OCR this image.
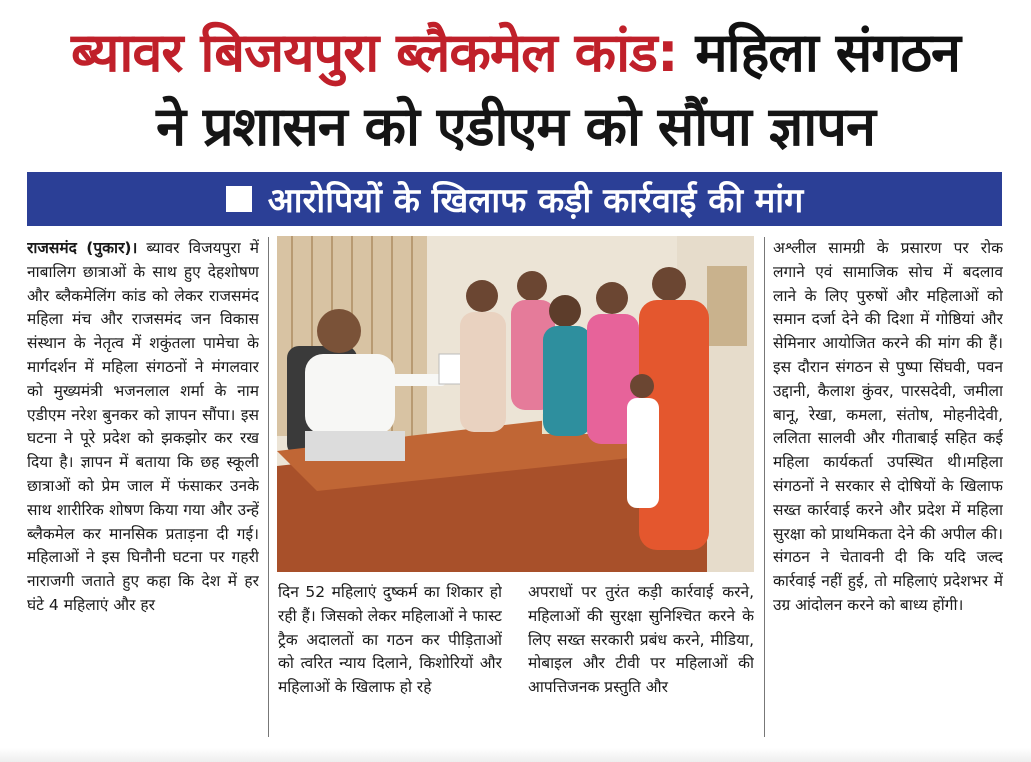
ब्यावर बिजयपुरा ब्लैकमेल कांड: महिला संगठन
ने प्रशासन को एडीएम को सौंपा ज्ञापन
आरोपियों के खिलाफ कड़ी कार्रवाई की मांग
राजसमंद (पुकार)। ब्यावर विजयपुरा में नाबालिग छात्राओं के साथ हुए देहशोषण और ब्लैकमेलिंग कांड को लेकर राजसमंद महिला मंच और राजसमंद जन विकास संस्थान के नेतृत्व में शकुंतला पामेचा के मार्गदर्शन में महिला संगठनों ने मंगलवार को मुख्यमंत्री भजनलाल शर्मा के नाम एडीएम नरेश बुनकर को ज्ञापन सौंपा। इस घटना ने पूरे प्रदेश को झकझोर कर रख दिया है। ज्ञापन में बताया कि छह स्कूली छात्राओं को प्रेम जाल में फंसाकर उनके साथ शारीरिक शोषण किया गया और उन्हें ब्लैकमेल कर मानसिक प्रताड़ना दी गई। महिलाओं ने इस घिनौनी घटना पर गहरी नाराजगी जताते हुए कहा कि देश में हर घंटे 4 महिलाएं और हर
दिन 52 महिलाएं दुष्कर्म का शिकार हो रही हैं। जिसको लेकर महिलाओं ने फास्ट ट्रैक अदालतों का गठन कर पीड़िताओं को त्वरित न्याय दिलाने, किशोरियों और महिलाओं के खिलाफ हो रहे
अपराधों पर तुरंत कड़ी कार्रवाई करने, महिलाओं की सुरक्षा सुनिश्चित करने के लिए सख्त सरकारी प्रबंध करने, मीडिया, मोबाइल और टीवी पर महिलाओं की आपत्तिजनक प्रस्तुति और
अश्लील सामग्री के प्रसारण पर रोक लगाने एवं सामाजिक सोच में बदलाव लाने के लिए पुरुषों और महिलाओं को समान दर्जा देने की दिशा में गोष्ठियां और सेमिनार आयोजित करने की मांग की हैं। इस दौरान संगठन से पुष्पा सिंघवी, पवन उद्दानी, कैलाश कुंवर, पारसदेवी, जमीला बानू, रेखा, कमला, संतोष, मोहनीदेवी, ललिता सालवी और गीताबाई सहित कई महिला कार्यकर्ता उपस्थित थी।महिला संगठनों ने सरकार से दोषियों के खिलाफ सख्त कार्रवाई करने और प्रदेश में महिला सुरक्षा को प्राथमिकता देने की अपील की। संगठन ने चेतावनी दी कि यदि जल्द कार्रवाई नहीं हुई, तो महिलाएं प्रदेशभर में उग्र आंदोलन करने को बाध्य होंगी।
